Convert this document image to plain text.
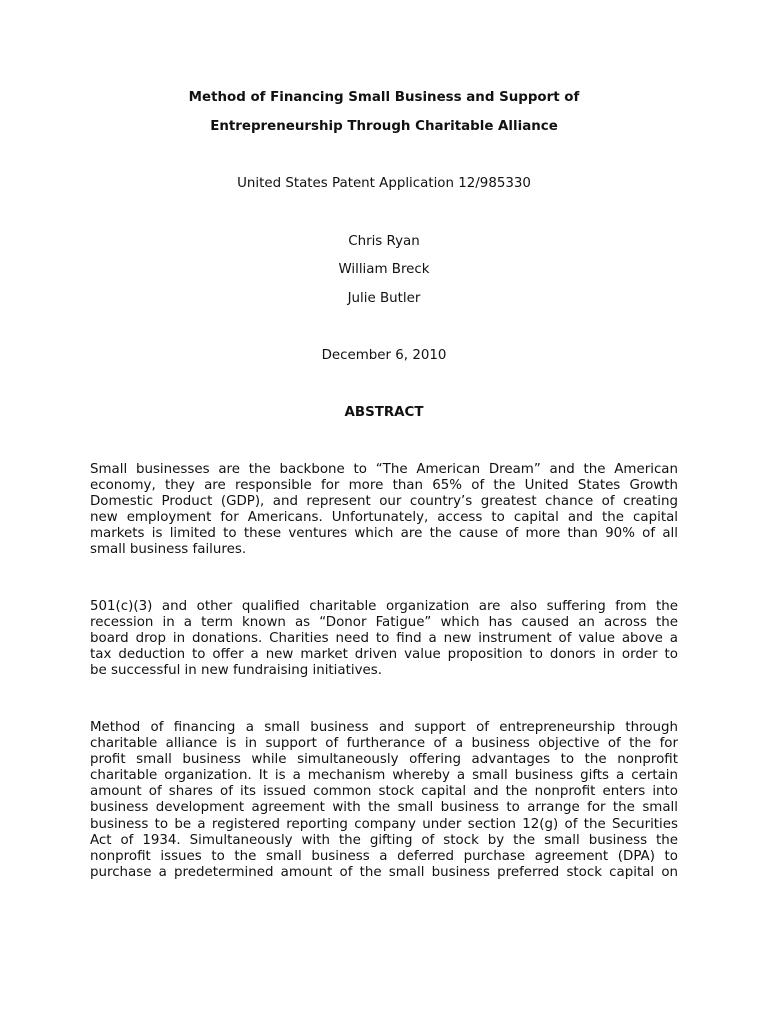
Method of Financing Small Business and Support of
Entrepreneurship Through Charitable Alliance
United States Patent Application 12/985330
Chris Ryan
William Breck
Julie Butler
December 6, 2010
ABSTRACT
Small businesses are the backbone to “The American Dream” and the American
economy, they are responsible for more than 65% of the United States Growth
Domestic Product (GDP), and represent our country’s greatest chance of creating
new employment for Americans. Unfortunately, access to capital and the capital
markets is limited to these ventures which are the cause of more than 90% of all
small business failures.
501(c)(3) and other qualified charitable organization are also suffering from the
recession in a term known as “Donor Fatigue” which has caused an across the
board drop in donations. Charities need to find a new instrument of value above a
tax deduction to offer a new market driven value proposition to donors in order to
be successful in new fundraising initiatives.
Method of financing a small business and support of entrepreneurship through
charitable alliance is in support of furtherance of a business objective of the for
profit small business while simultaneously offering advantages to the nonprofit
charitable organization. It is a mechanism whereby a small business gifts a certain
amount of shares of its issued common stock capital and the nonprofit enters into
business development agreement with the small business to arrange for the small
business to be a registered reporting company under section 12(g) of the Securities
Act of 1934. Simultaneously with the gifting of stock by the small business the
nonprofit issues to the small business a deferred purchase agreement (DPA) to
purchase a predetermined amount of the small business preferred stock capital on
